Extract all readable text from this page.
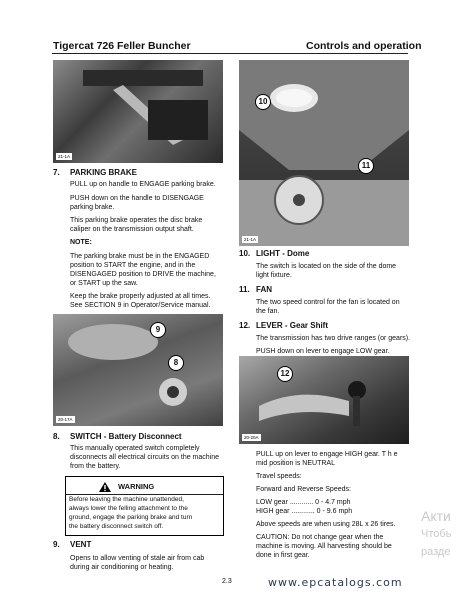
Tigercat 726 Feller Buncher	Controls and operation
21-1A
7. PARKING BRAKE
PULL up on handle to ENGAGE parking brake.
PUSH down on the handle to DISENGAGE
parking brake.
This parking brake operates the disc brake
caliper on the transmission output shaft.
NOTE:
The parking brake must be in the ENGAGED
position to START the engine, and in the
DISENGAGED position to DRIVE the machine,
or START up the saw.
Keep the brake properly adjusted at all times.
See SECTION 9 in Operator/Service manual.
20-17A
9
8
8. SWITCH - Battery Disconnect
This manually operated switch completely
disconnects all electrical circuits on the machine
from the battery.
WARNING
Before leaving the machine unattended,
always lower the felling attachment to the
ground, engage the parking brake and turn
the battery disconnect switch off.
9. VENT
Opens to allow venting of stale air from cab
during air conditioning or heating.
21-1A
10
11
10. LIGHT - Dome
The switch is located on the side of the dome
light fixture.
11. FAN
The two speed control for the fan is located on
the fan.
12. LEVER - Gear Shift
The transmission has two drive ranges (or gears).
PUSH down on lever to engage LOW gear.
20-20A
12
PULL up on lever to engage HIGH gear. T h e
mid position is NEUTRAL
Travel speeds:
Forward and Reverse Speeds:
LOW gear ............ 0 - 4.7 mph
HIGH gear ............ 0 - 9.6 mph
Above speeds are when using 28L x 26 tires.
CAUTION: Do not change gear when the
machine is moving. All harvesting should be
done in first gear.
2.3	www.epcatalogs.com
Акти
Чтобь
разде
